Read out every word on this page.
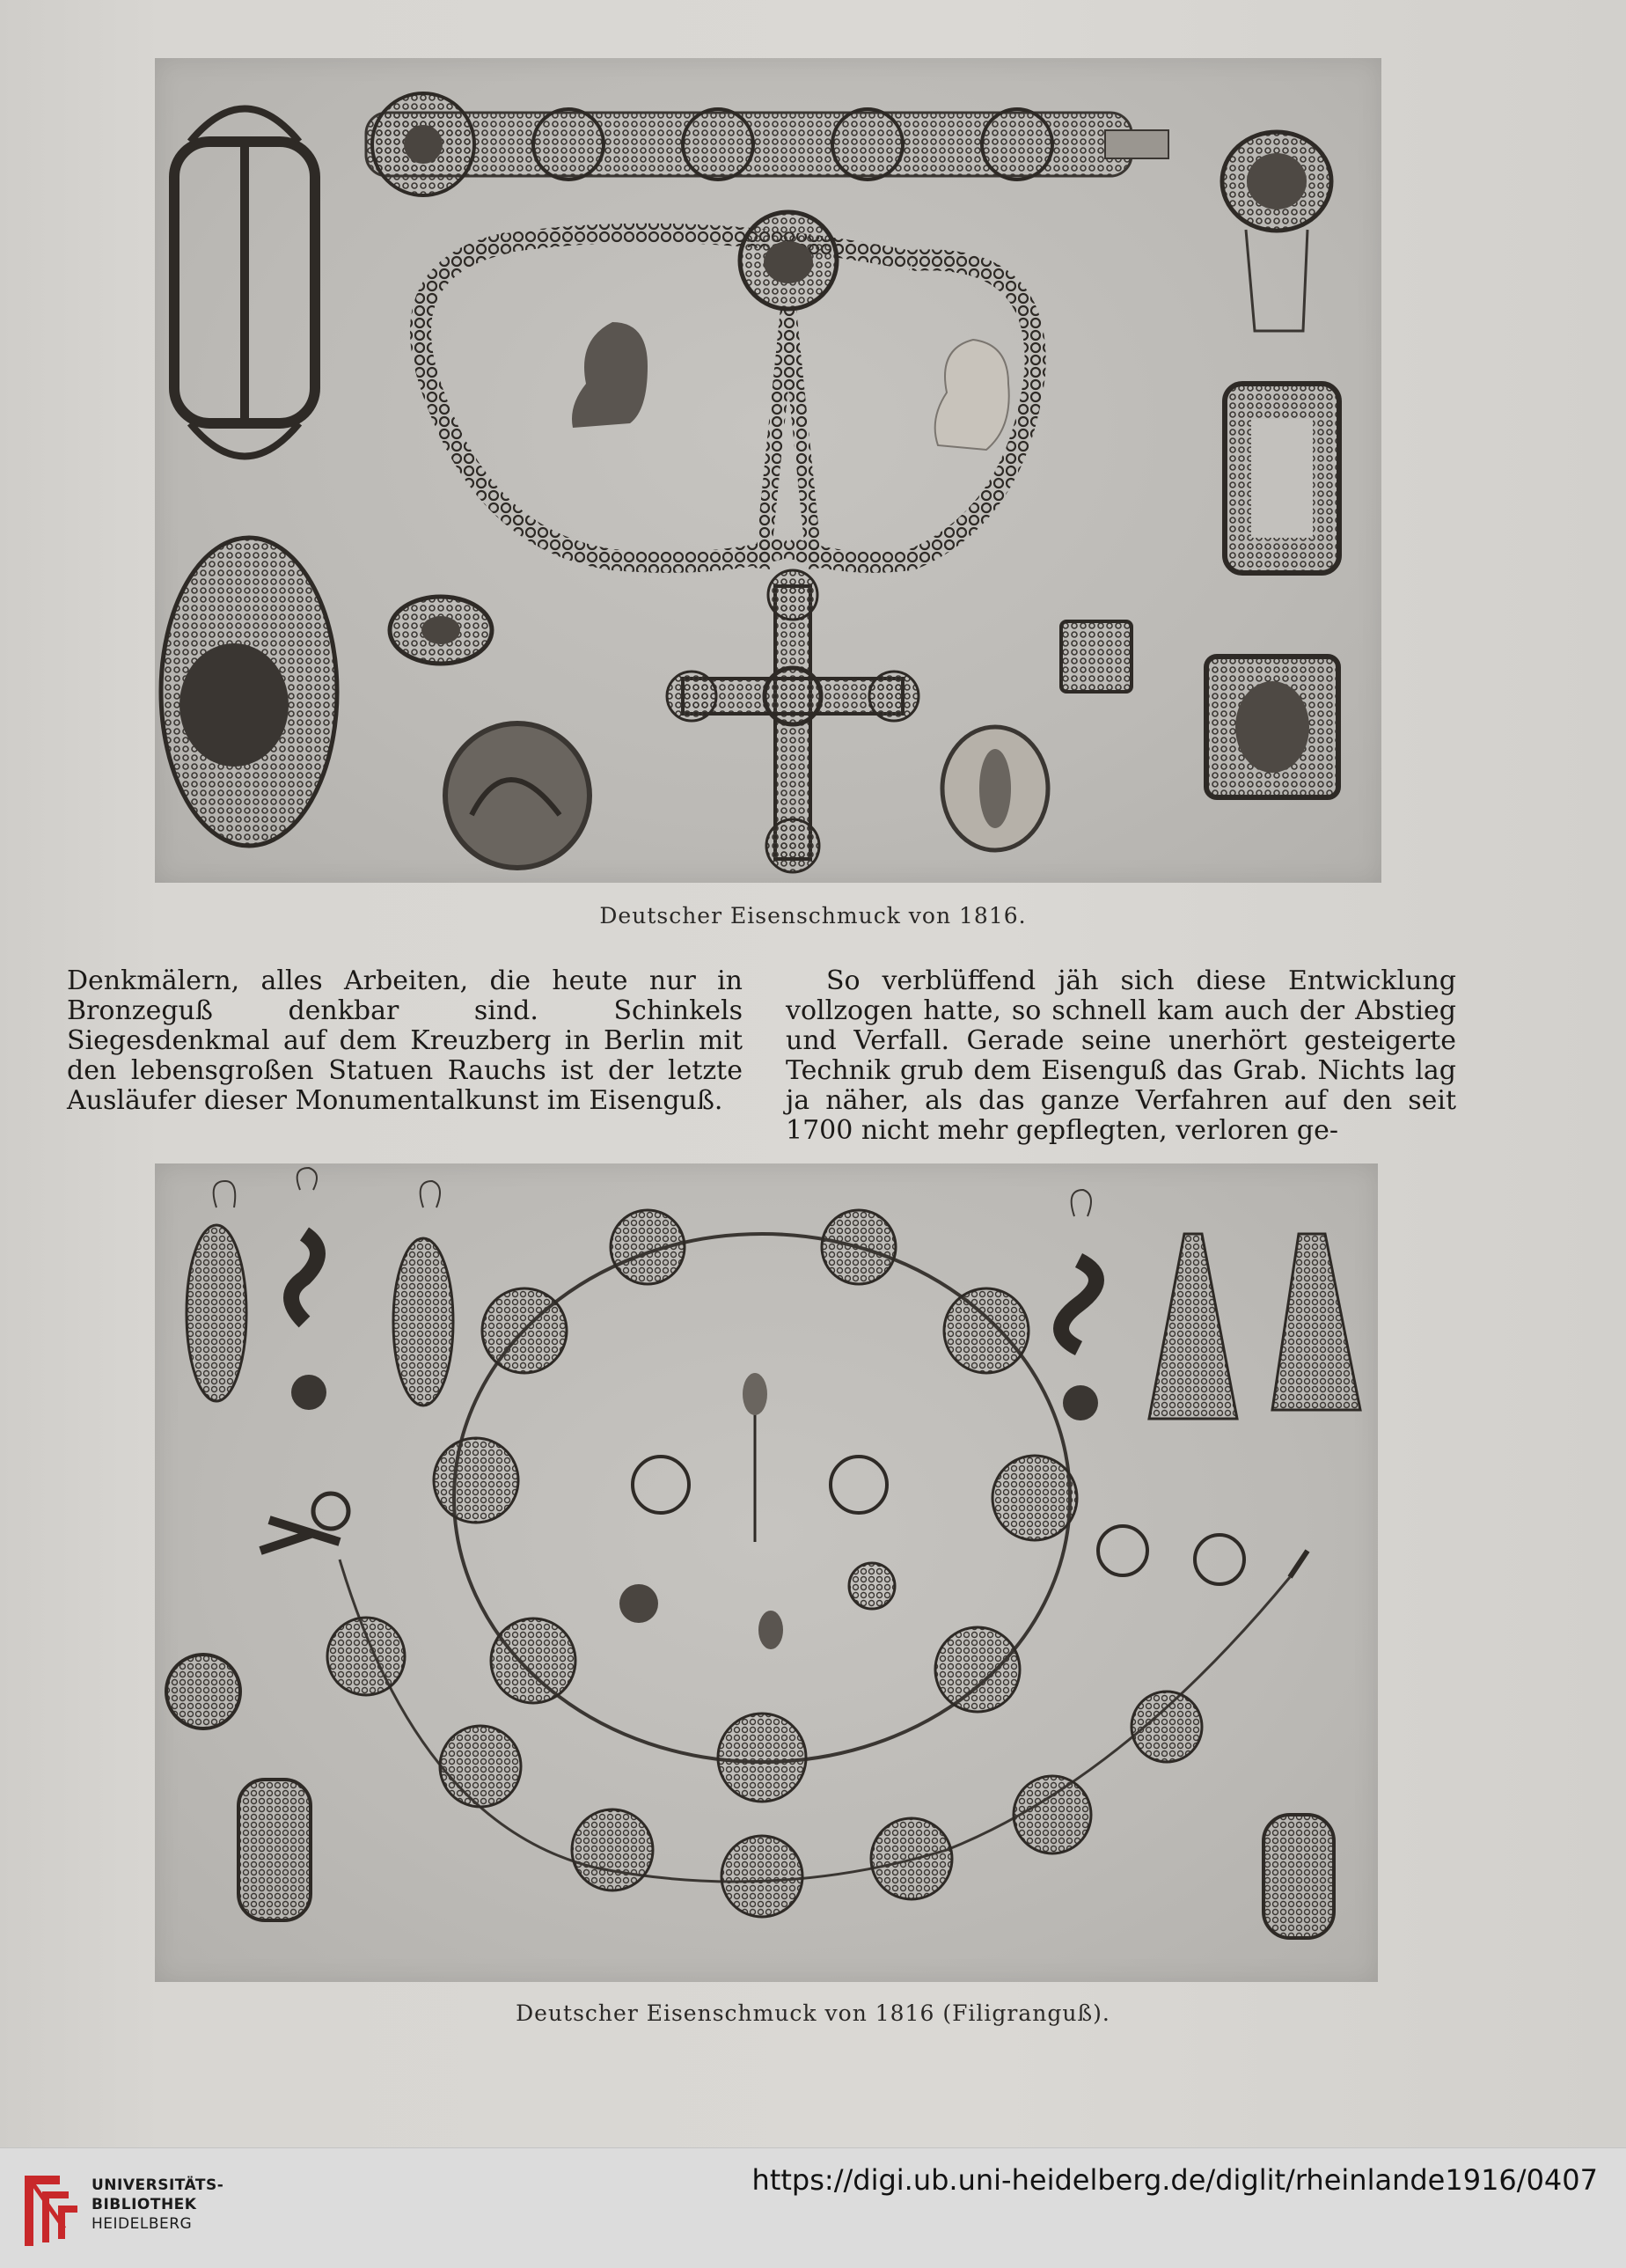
Deutscher Eisenschmuck von 1816.

Denkmälern, alles Arbeiten, die heute nur in Bronzeguß denkbar sind. Schinkels Siegesdenkmal auf dem Kreuzberg in Berlin mit den lebensgroßen Statuen Rauchs ist der letzte Ausläufer dieser Monumentalkunst im Eisenguß.

So verblüffend jäh sich diese Entwicklung vollzogen hatte, so schnell kam auch der Abstieg und Verfall. Gerade seine unerhört gesteigerte Technik grub dem Eisenguß das Grab. Nichts lag ja näher, als das ganze Verfahren auf den seit 1700 nicht mehr gepflegten, verloren ge-

Deutscher Eisenschmuck von 1816 (Filigranguß).
UNIVERSITÄTS-
BIBLIOTHEK
HEIDELBERG
https://digi.ub.uni-heidelberg.de/diglit/rheinlande1916/0407
